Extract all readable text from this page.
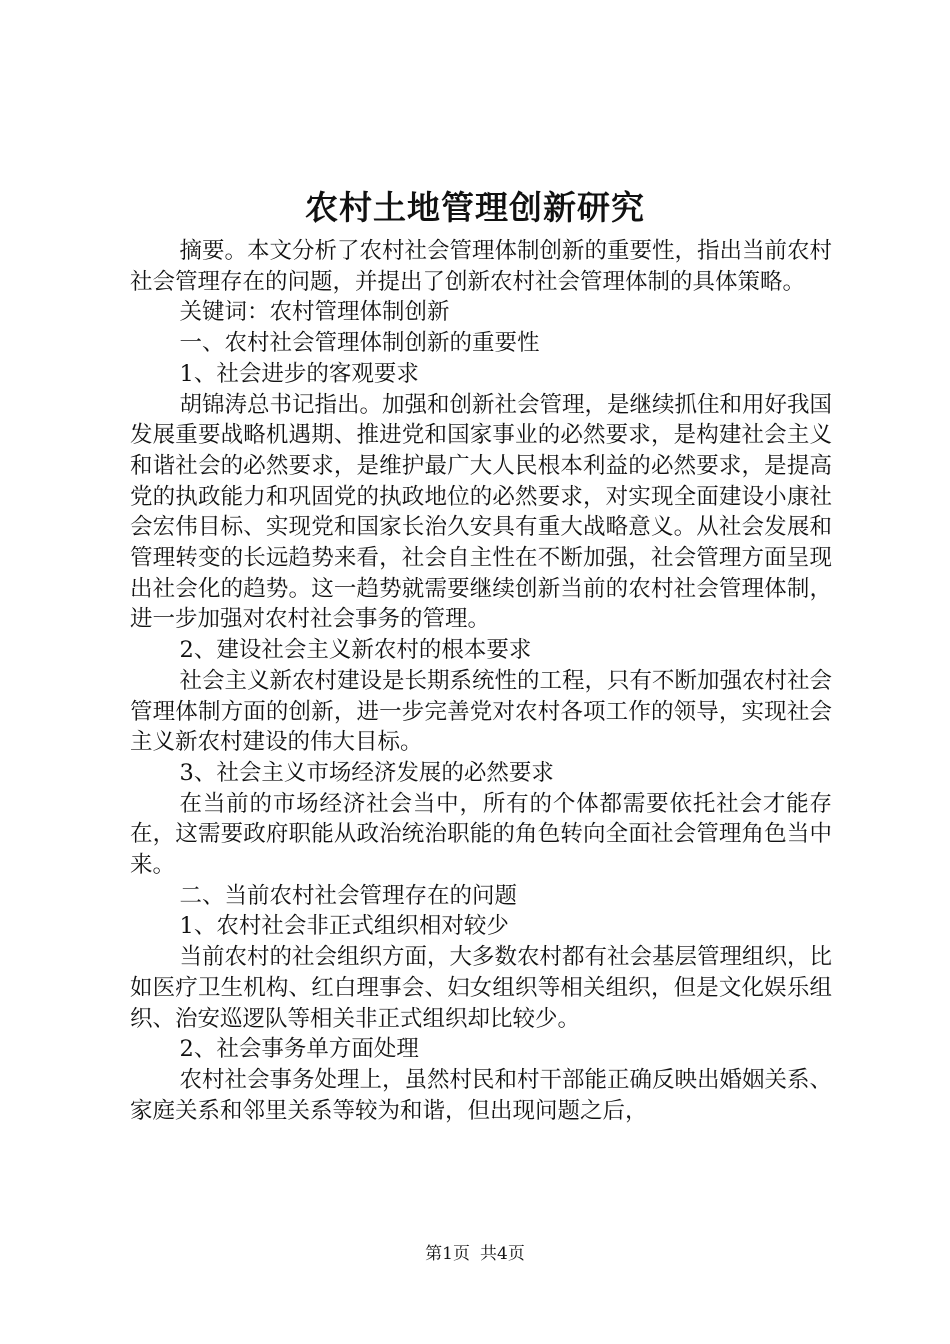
农村土地管理创新研究

摘要。本文分析了农村社会管理体制创新的重要性，指出当前农村社会管理存在的问题，并提出了创新农村社会管理体制的具体策略。

关键词：农村管理体制创新

一、农村社会管理体制创新的重要性

1、社会进步的客观要求

胡锦涛总书记指出。加强和创新社会管理，是继续抓住和用好我国发展重要战略机遇期、推进党和国家事业的必然要求，是构建社会主义和谐社会的必然要求，是维护最广大人民根本利益的必然要求，是提高党的执政能力和巩固党的执政地位的必然要求，对实现全面建设小康社会宏伟目标、实现党和国家长治久安具有重大战略意义。从社会发展和管理转变的长远趋势来看，社会自主性在不断加强，社会管理方面呈现出社会化的趋势。这一趋势就需要继续创新当前的农村社会管理体制，进一步加强对农村社会事务的管理。

2、建设社会主义新农村的根本要求

社会主义新农村建设是长期系统性的工程，只有不断加强农村社会管理体制方面的创新，进一步完善党对农村各项工作的领导，实现社会主义新农村建设的伟大目标。

3、社会主义市场经济发展的必然要求

在当前的市场经济社会当中，所有的个体都需要依托社会才能存在，这需要政府职能从政治统治职能的角色转向全面社会管理角色当中来。

二、当前农村社会管理存在的问题

1、农村社会非正式组织相对较少

当前农村的社会组织方面，大多数农村都有社会基层管理组织，比如医疗卫生机构、红白理事会、妇女组织等相关组织，但是文化娱乐组织、治安巡逻队等相关非正式组织却比较少。

2、社会事务单方面处理

农村社会事务处理上，虽然村民和村干部能正确反映出婚姻关系、家庭关系和邻里关系等较为和谐，但出现问题之后，

第1页 共4页
